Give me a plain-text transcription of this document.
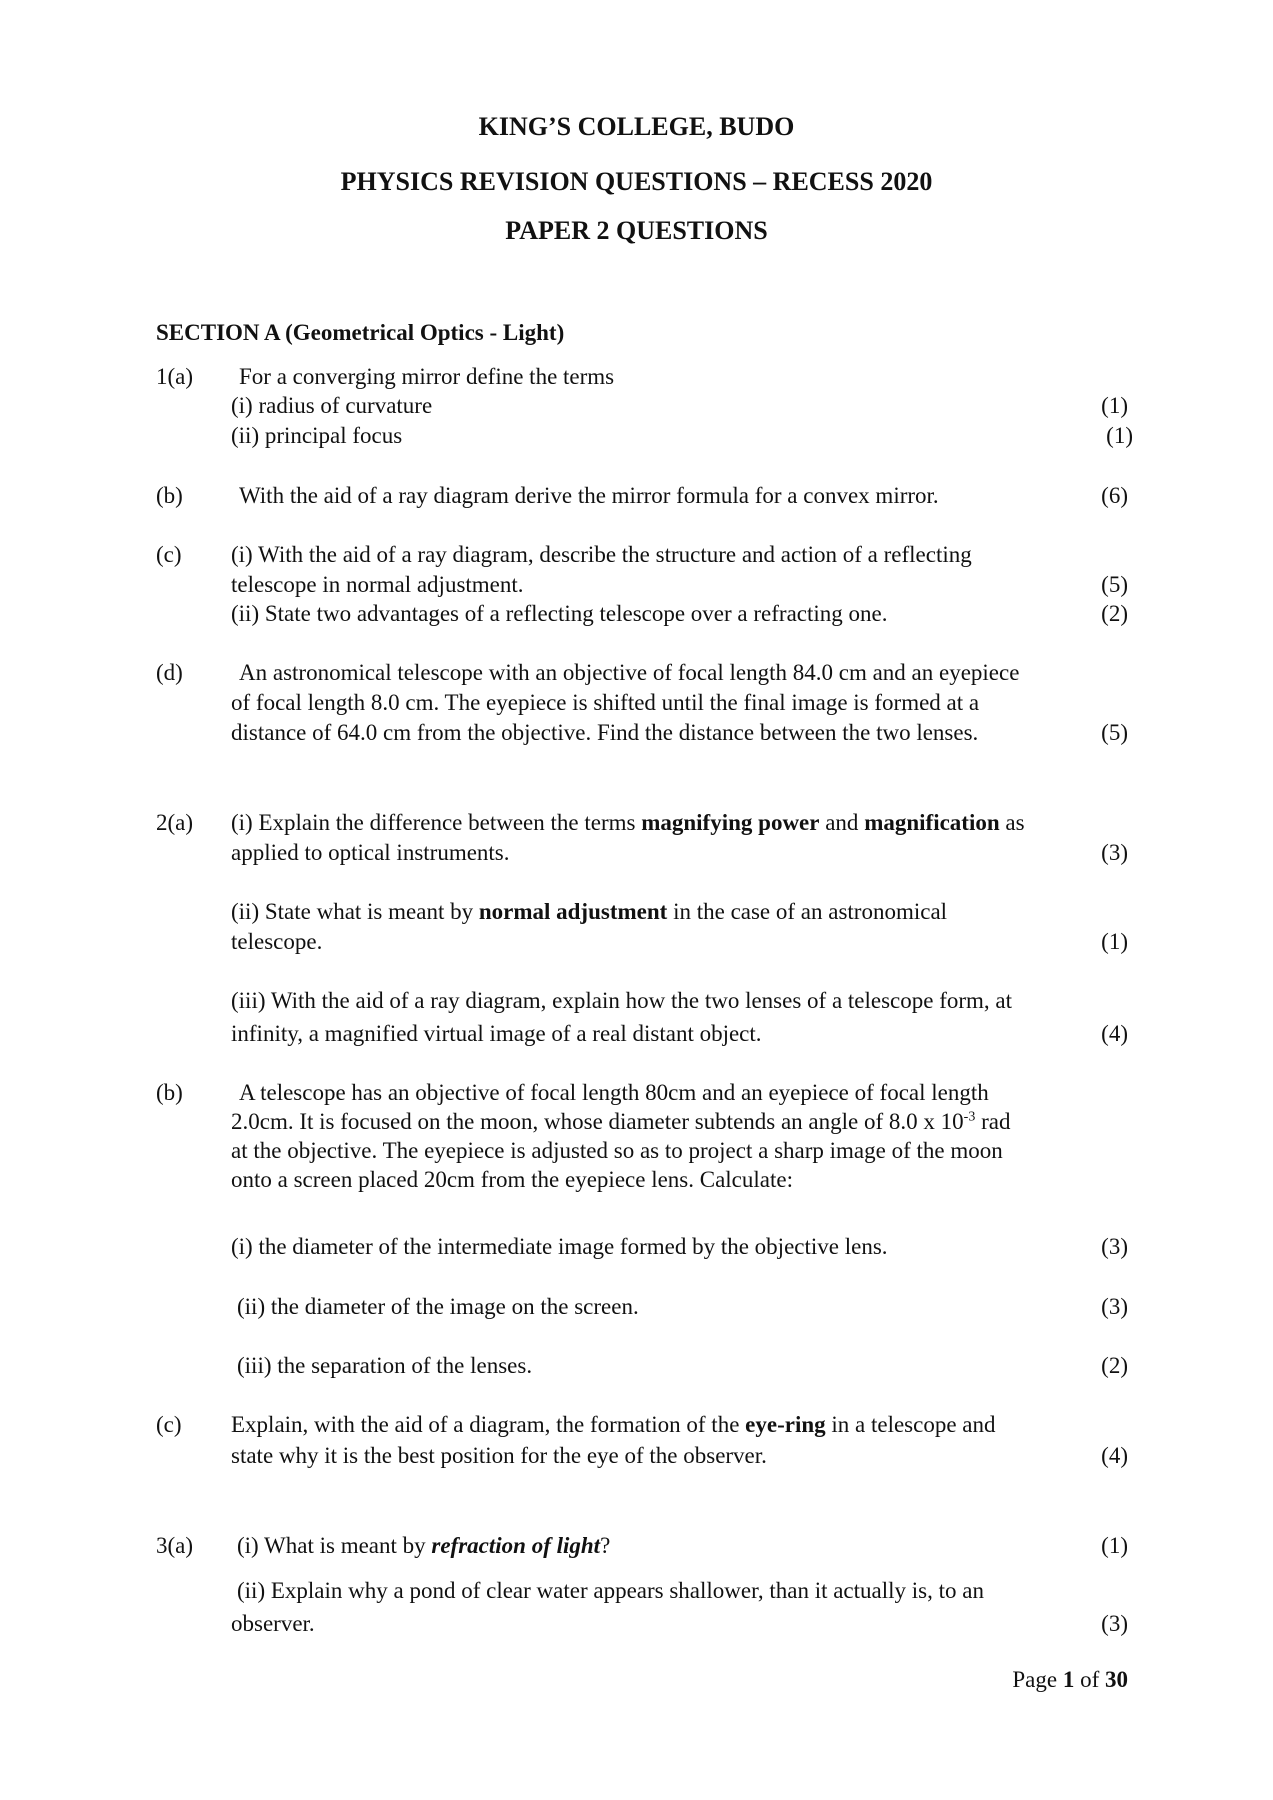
KING’S COLLEGE, BUDO
PHYSICS REVISION QUESTIONS – RECESS 2020
PAPER 2 QUESTIONS
SECTION A (Geometrical Optics - Light)
1(a) For a converging mirror define the terms
(i) radius of curvature	(1)
(ii) principal focus	(1)
(b) With the aid of a ray diagram derive the mirror formula for a convex mirror.	(6)
(c) (i) With the aid of a ray diagram, describe the structure and action of a reflecting
telescope in normal adjustment.	(5)
(ii) State two advantages of a reflecting telescope over a refracting one.	(2)
(d) An astronomical telescope with an objective of focal length 84.0 cm and an eyepiece
of focal length 8.0 cm. The eyepiece is shifted until the final image is formed at a
distance of 64.0 cm from the objective. Find the distance between the two lenses.	(5)
2(a) (i) Explain the difference between the terms magnifying power and magnification as
applied to optical instruments.	(3)
(ii) State what is meant by normal adjustment in the case of an astronomical
telescope.	(1)
(iii) With the aid of a ray diagram, explain how the two lenses of a telescope form, at
infinity, a magnified virtual image of a real distant object.	(4)
(b) A telescope has an objective of focal length 80cm and an eyepiece of focal length
2.0cm. It is focused on the moon, whose diameter subtends an angle of 8.0 x $10^{-3}$ rad
at the objective. The eyepiece is adjusted so as to project a sharp image of the moon
onto a screen placed 20cm from the eyepiece lens. Calculate:
(i) the diameter of the intermediate image formed by the objective lens.	(3)
(ii) the diameter of the image on the screen.	(3)
(iii) the separation of the lenses.	(2)
(c) Explain, with the aid of a diagram, the formation of the eye-ring in a telescope and
state why it is the best position for the eye of the observer.	(4)
3(a) (i) What is meant by refraction of light?	(1)
(ii) Explain why a pond of clear water appears shallower, than it actually is, to an
observer.	(3)
Page 1 of 30
